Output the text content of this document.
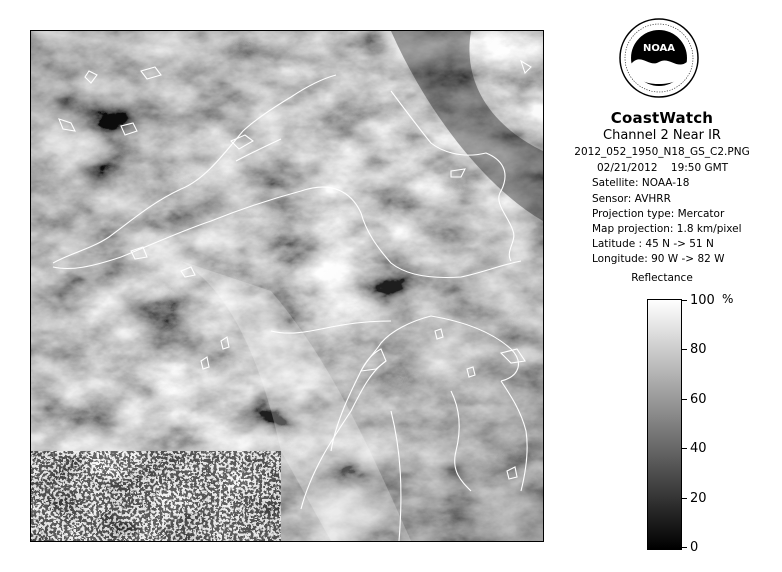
NOAA
CoastWatch
Channel 2 Near IR
2012_052_1950_N18_GS_C2.PNG
02/21/2012 19:50 GMT
Satellite: NOAA-18
Sensor: AVHRR
Projection type: Mercator
Map projection: 1.8 km/pixel
Latitude : 45 N -> 51 N
Longitude: 90 W -> 82 W
Reflectance
%
100
80
60
40
20
0
